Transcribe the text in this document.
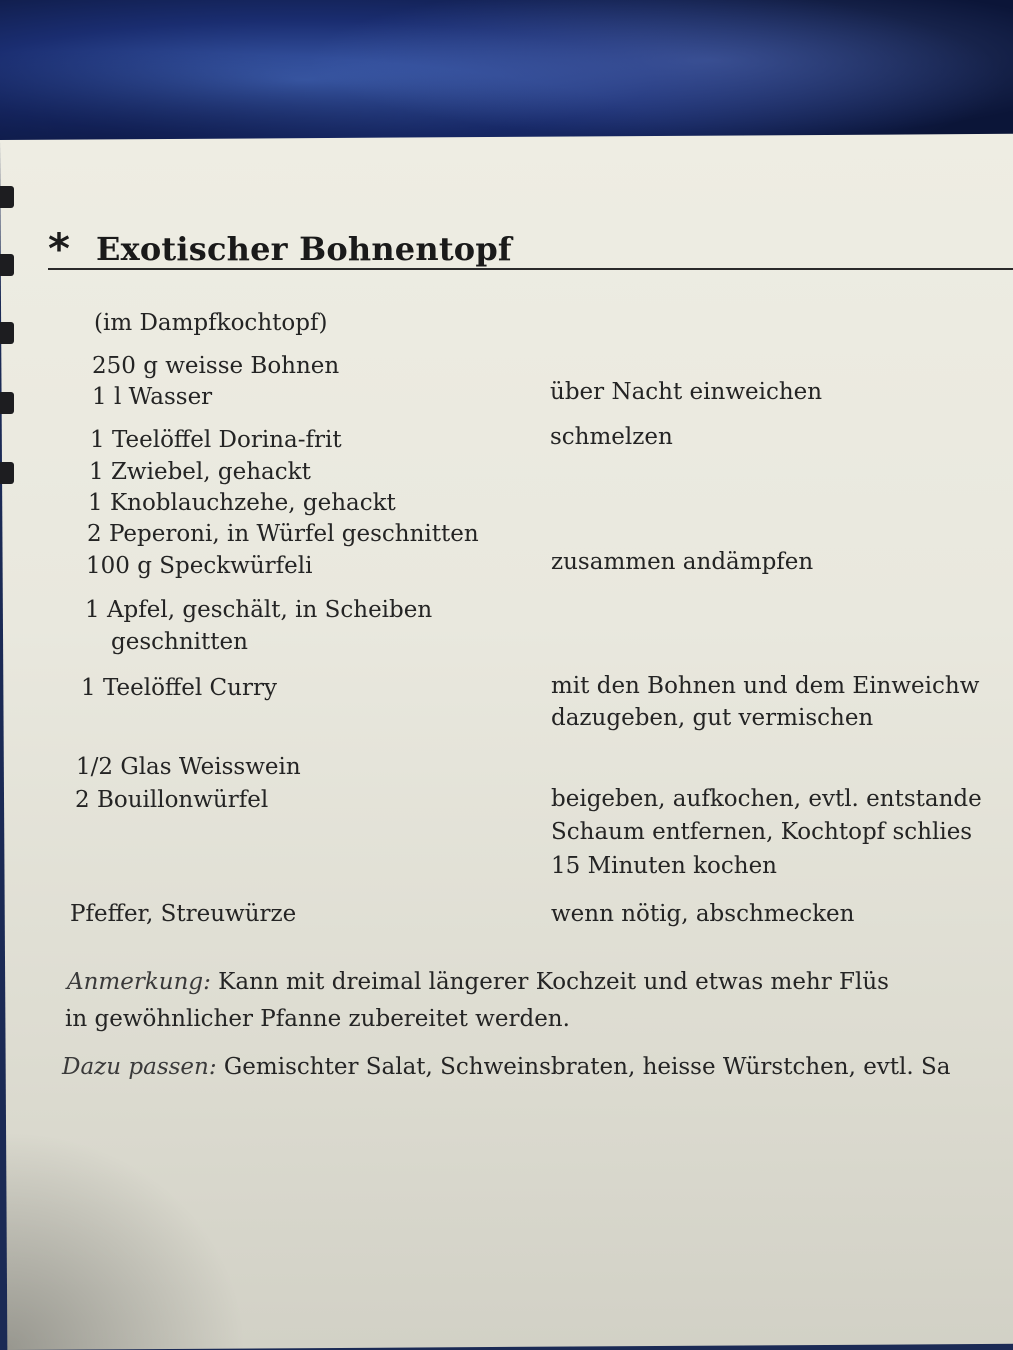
* Exotischer Bohnentopf
(im Dampfkochtopf)
250 g weisse Bohnen
1 l Wasser
1 Teelöffel Dorina-frit
1 Zwiebel, gehackt
1 Knoblauchzehe, gehackt
2 Peperoni, in Würfel geschnitten
100 g Speckwürfeli
1 Apfel, geschält, in Scheiben
geschnitten
1 Teelöffel Curry
1/2 Glas Weisswein
2 Bouillonwürfel
Pfeffer, Streuwürze
über Nacht einweichen
schmelzen
zusammen andämpfen
mit den Bohnen und dem Einweichw
dazugeben, gut vermischen
beigeben, aufkochen, evtl. entstande
Schaum entfernen, Kochtopf schlies
15 Minuten kochen
wenn nötig, abschmecken
Anmerkung: Kann mit dreimal längerer Kochzeit und etwas mehr Flüs
in gewöhnlicher Pfanne zubereitet werden.
Dazu passen: Gemischter Salat, Schweinsbraten, heisse Würstchen, evtl. Sa
